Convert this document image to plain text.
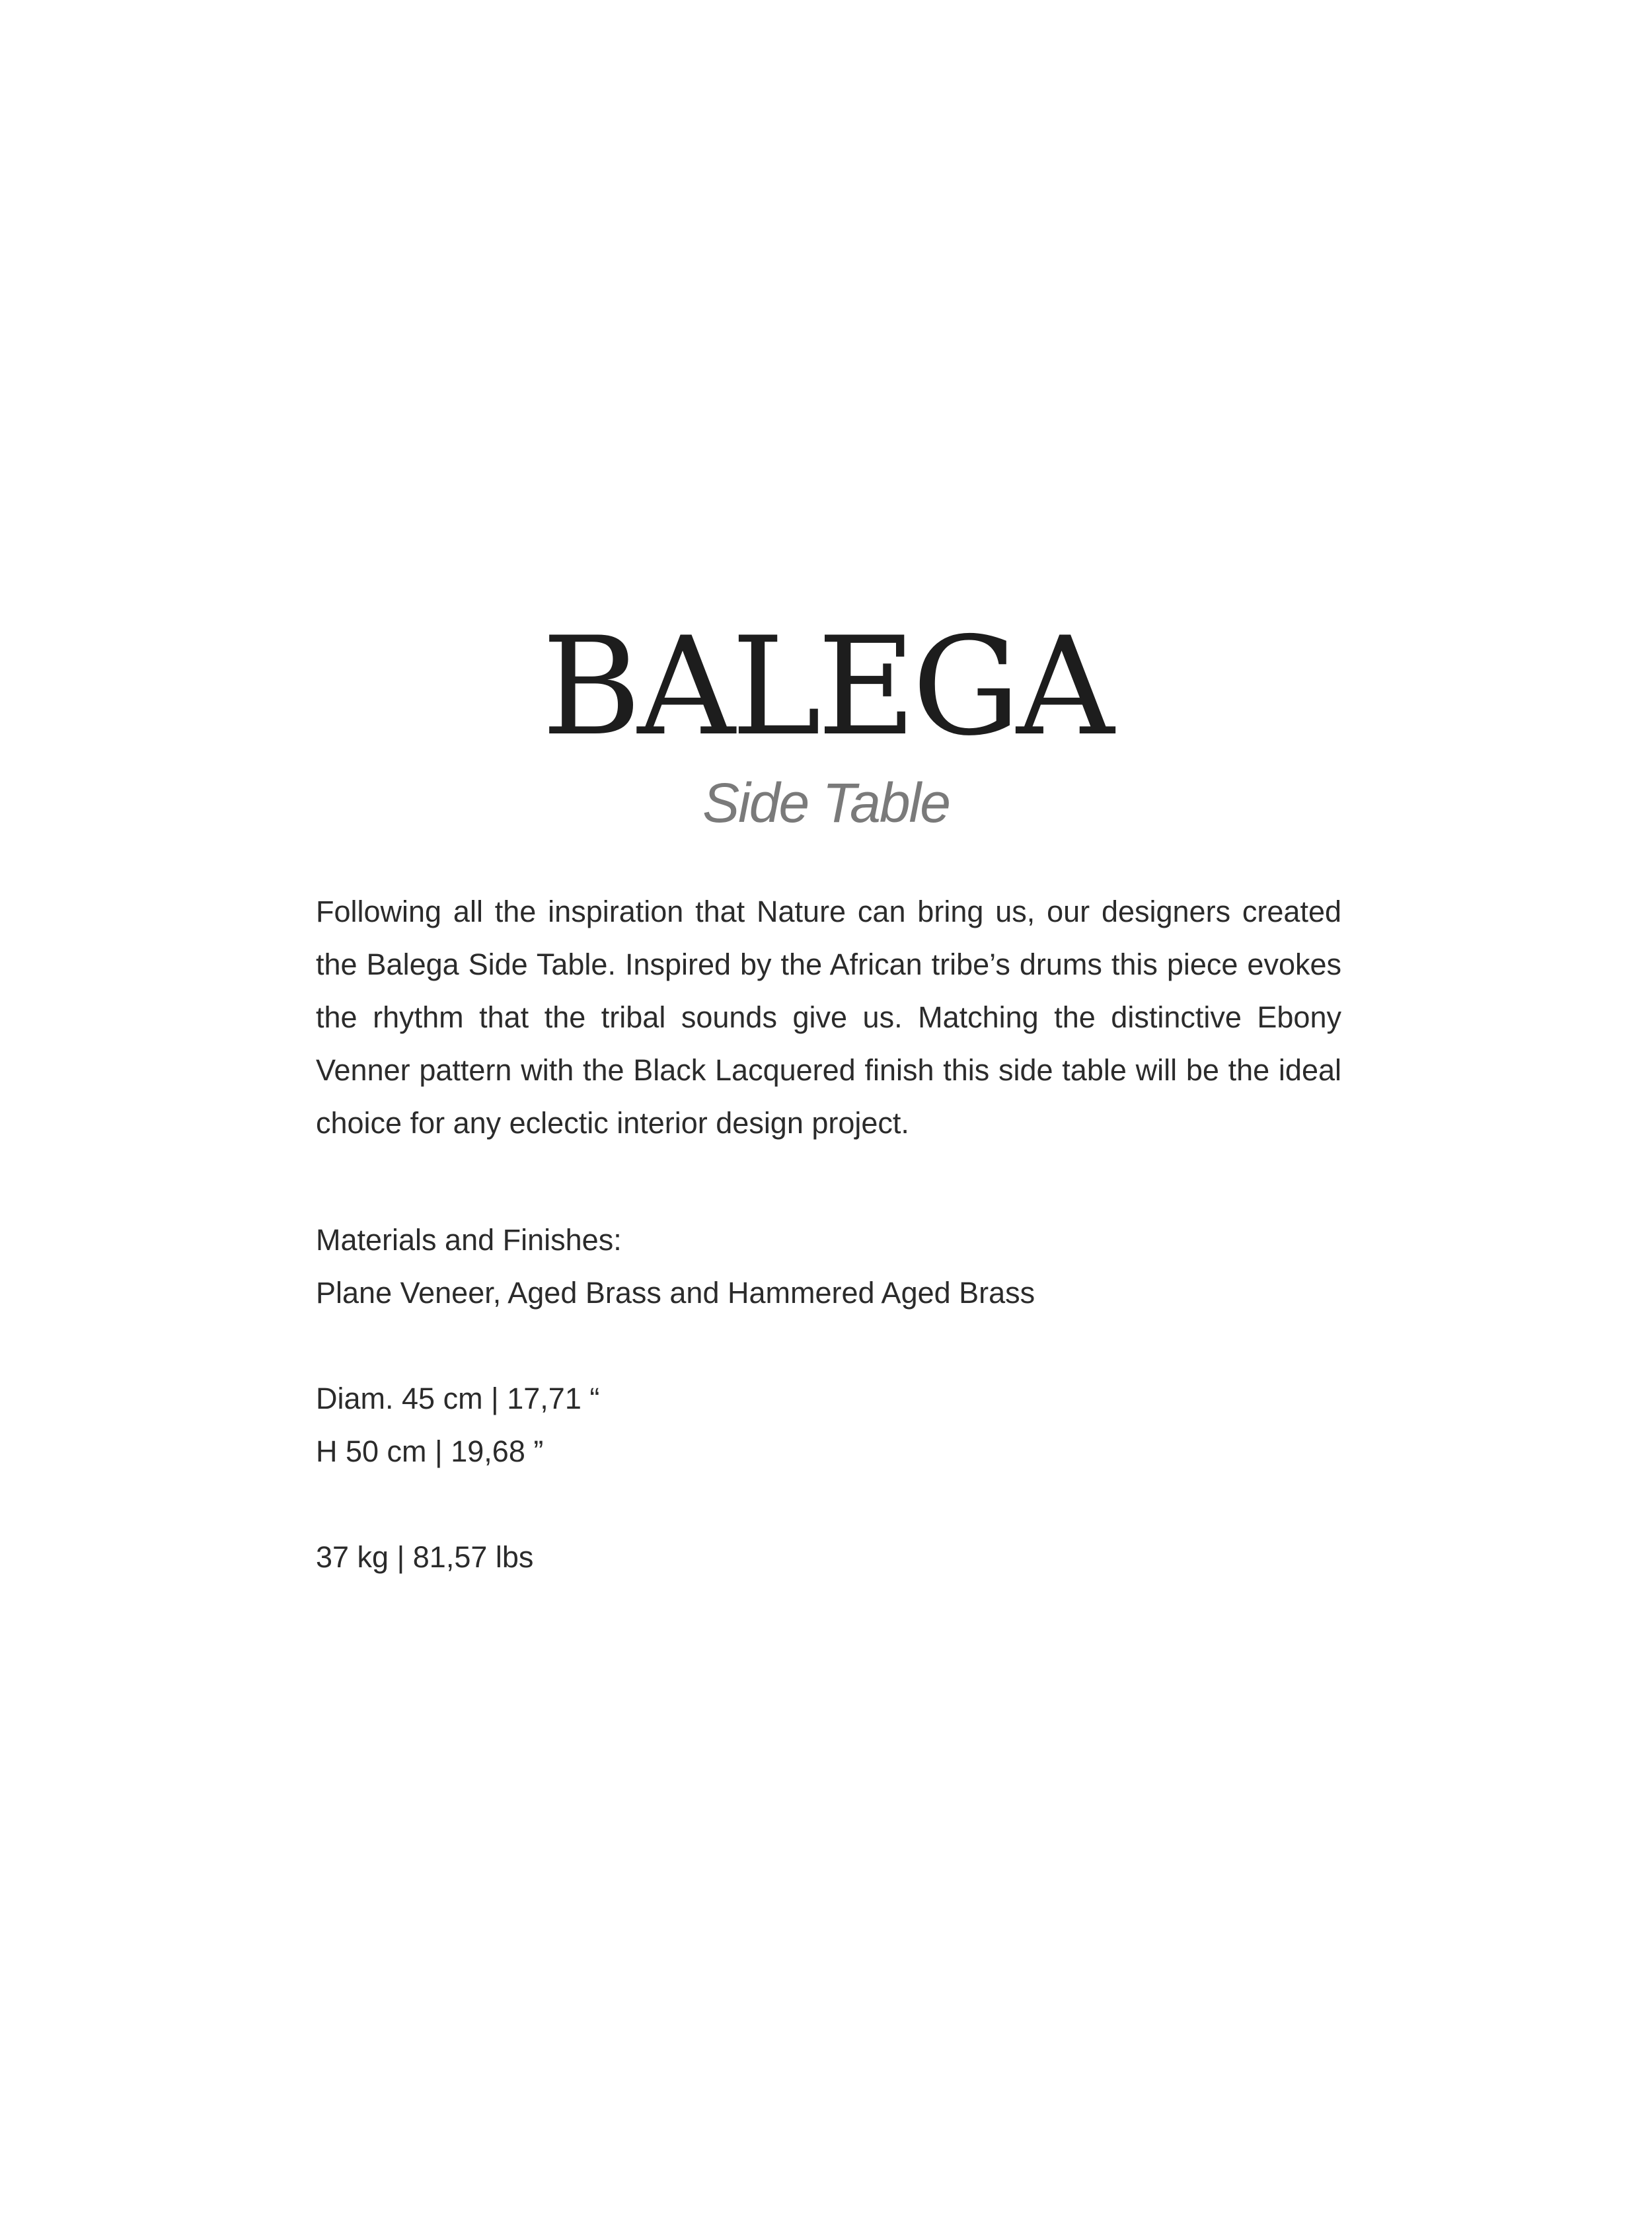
BALEGA
Side Table

Following all the inspiration that Nature can bring us, our designers created the Balega Side Table. Inspired by the African tribe’s drums this piece evokes the rhythm that the tribal sounds give us. Matching the distinctive Ebony Venner pattern with the Black Lacquered finish this side table will be the ideal choice for any eclectic interior design project.

Materials and Finishes:
Plane Veneer, Aged Brass and Hammered Aged Brass
Diam. 45 cm | 17,71 “
H 50 cm | 19,68 ”
37 kg | 81,57 lbs
